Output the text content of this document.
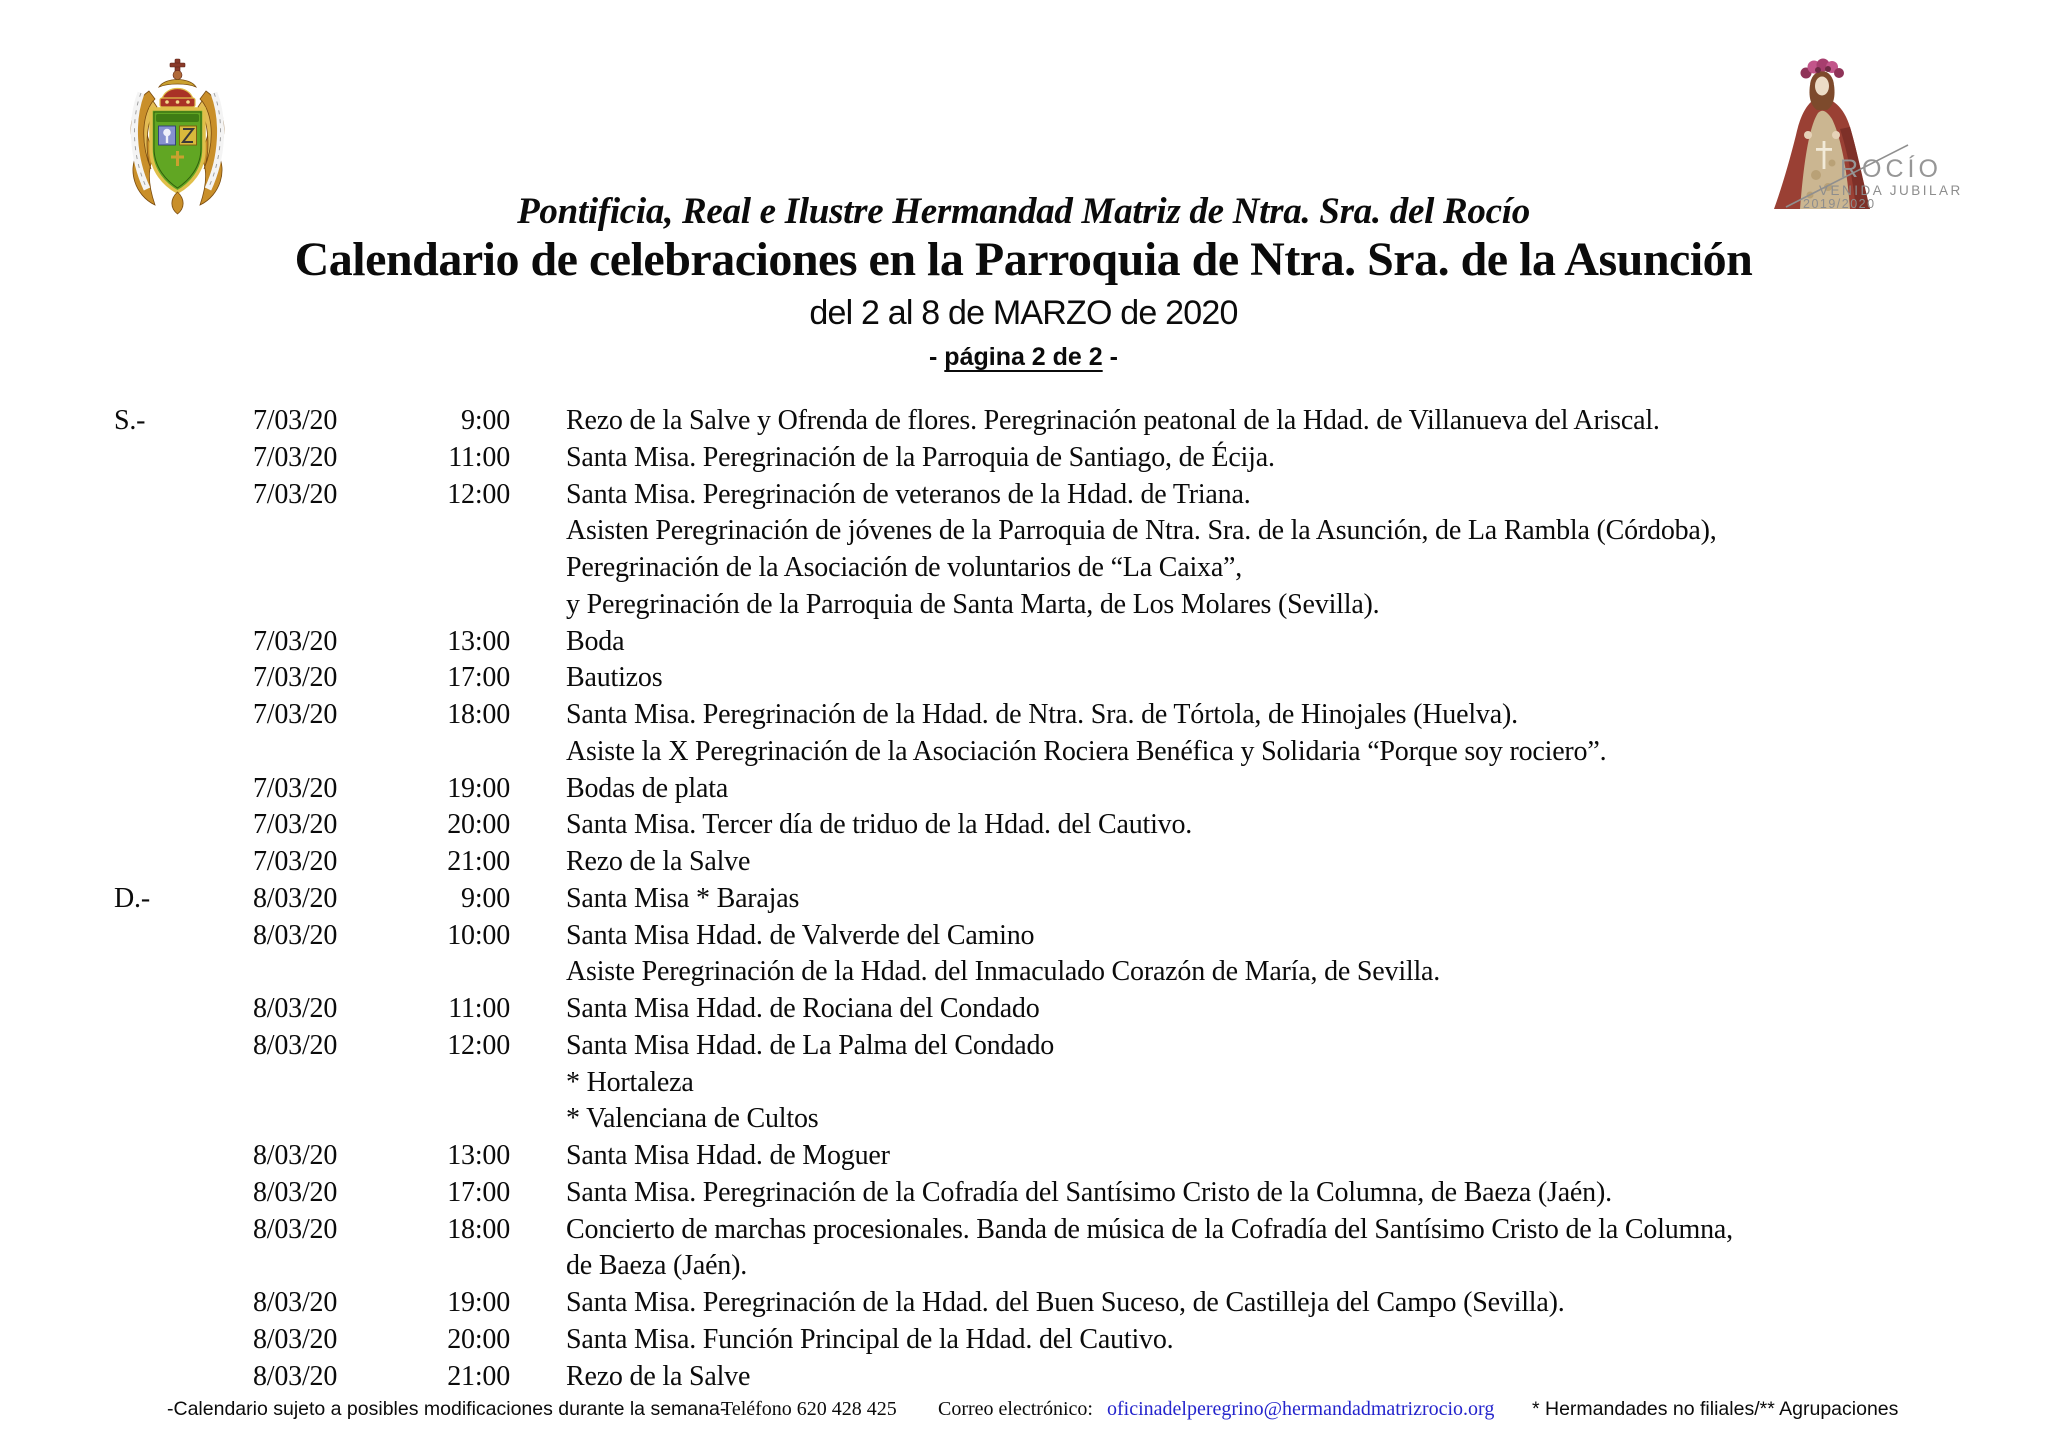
ROCÍO
VENIDA JUBILAR
2019/2020
Pontificia, Real e Ilustre Hermandad Matriz de Ntra. Sra. del Rocío
Calendario de celebraciones en la Parroquia de Ntra. Sra. de la Asunción
del 2 al 8 de MARZO de 2020
- página 2 de 2 -
S.-	7/03/20	9:00 Rezo de la Salve y Ofrenda de flores. Peregrinación peatonal de la Hdad. de Villanueva del Ariscal.
7/03/20	11:00 Santa Misa. Peregrinación de la Parroquia de Santiago, de Écija.
7/03/20	12:00 Santa Misa. Peregrinación de veteranos de la Hdad. de Triana.
Asisten Peregrinación de jóvenes de la Parroquia de Ntra. Sra. de la Asunción, de La Rambla (Córdoba),
Peregrinación de la Asociación de voluntarios de “La Caixa”,
y Peregrinación de la Parroquia de Santa Marta, de Los Molares (Sevilla).
7/03/20	13:00 Boda
7/03/20	17:00 Bautizos
7/03/20	18:00 Santa Misa. Peregrinación de la Hdad. de Ntra. Sra. de Tórtola, de Hinojales (Huelva).
Asiste la X Peregrinación de la Asociación Rociera Benéfica y Solidaria “Porque soy rociero”.
7/03/20	19:00 Bodas de plata
7/03/20	20:00 Santa Misa. Tercer día de triduo de la Hdad. del Cautivo.
7/03/20	21:00 Rezo de la Salve
D.-	8/03/20	9:00 Santa Misa * Barajas
8/03/20	10:00 Santa Misa Hdad. de Valverde del Camino
Asiste Peregrinación de la Hdad. del Inmaculado Corazón de María, de Sevilla.
8/03/20	11:00 Santa Misa Hdad. de Rociana del Condado
8/03/20	12:00 Santa Misa Hdad. de La Palma del Condado
* Hortaleza
* Valenciana de Cultos
8/03/20	13:00 Santa Misa Hdad. de Moguer
8/03/20	17:00 Santa Misa. Peregrinación de la Cofradía del Santísimo Cristo de la Columna, de Baeza (Jaén).
8/03/20	18:00 Concierto de marchas procesionales. Banda de música de la Cofradía del Santísimo Cristo de la Columna,
de Baeza (Jaén).
8/03/20	19:00 Santa Misa. Peregrinación de la Hdad. del Buen Suceso, de Castilleja del Campo (Sevilla).
8/03/20	20:00 Santa Misa. Función Principal de la Hdad. del Cautivo.
8/03/20	21:00 Rezo de la Salve
-Calendario sujeto a posibles modificaciones durante la semana-
Teléfono 620 428 425 Correo electrónico: oficinadelperegrino@hermandadmatrizrocio.org * Hermandades no filiales/** Agrupaciones
